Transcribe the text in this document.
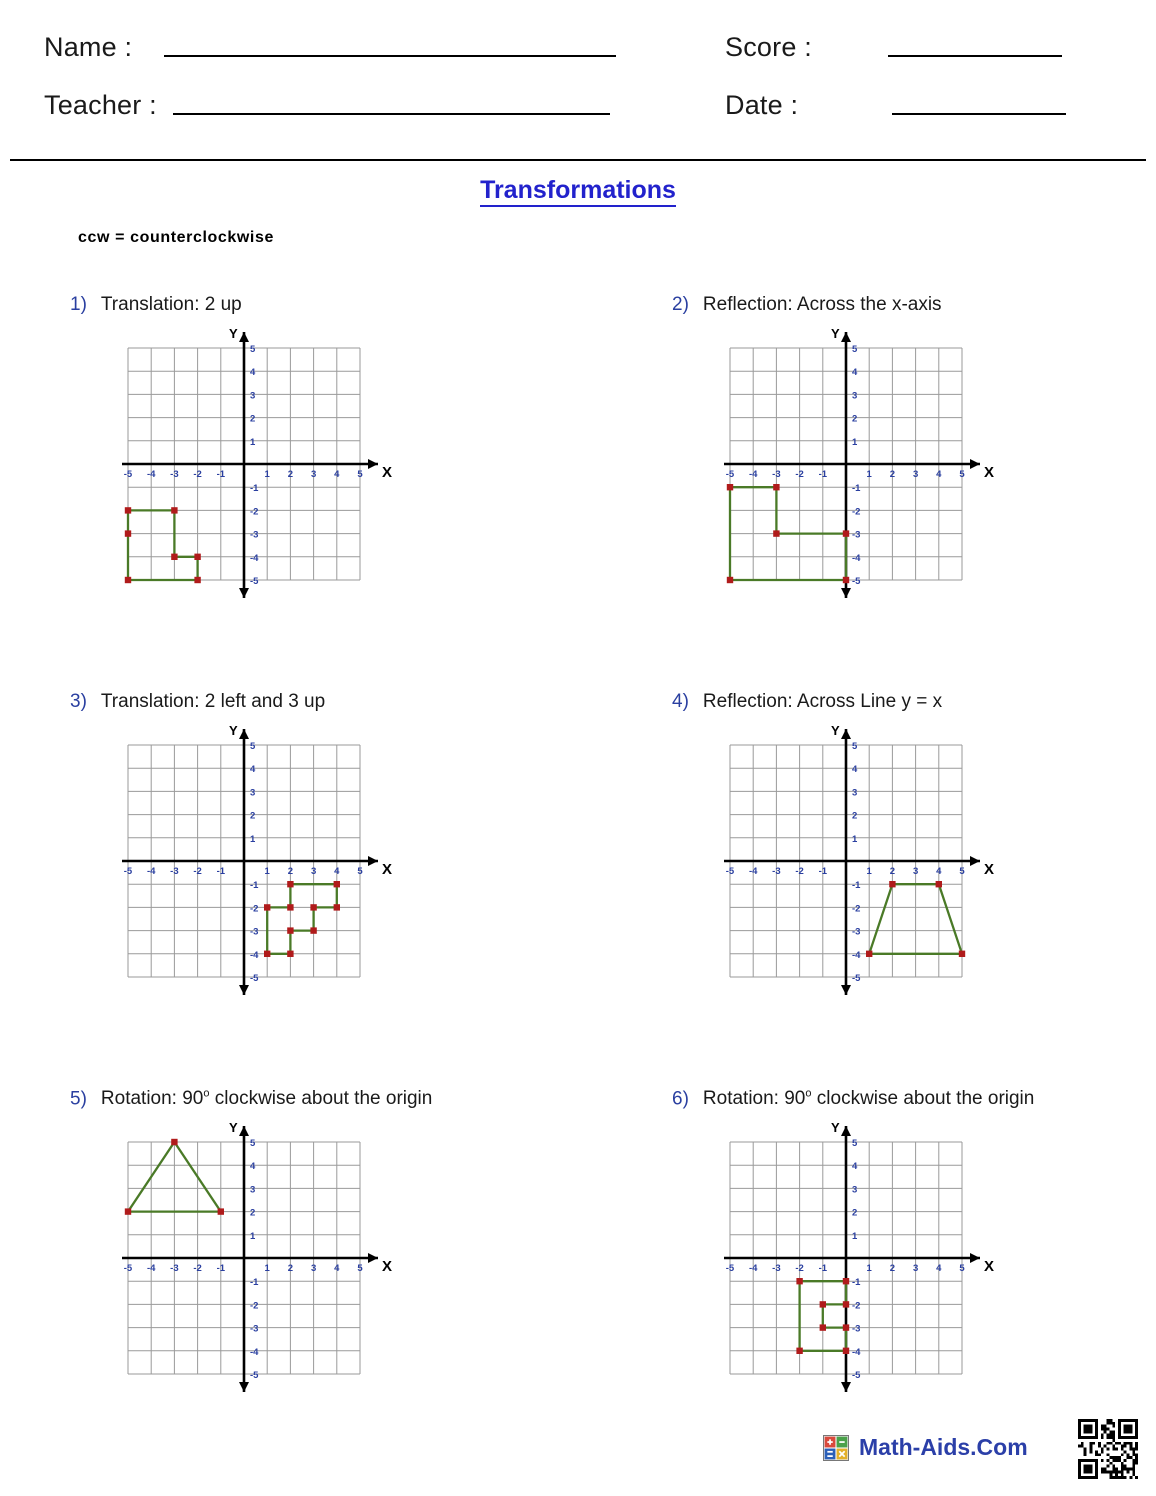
Name :
Teacher :
Score :
Date :
Transformations
ccw = counterclockwise
1) Translation: 2 up
X
Y
-5 -4 -3 -2 -1	1 2 3 4 5
5
4
3
2
1
-1
-2
-3
-4
-5
2) Reflection: Across the x-axis
X
Y
-5 -4 -3 -2 -1	1 2 3 4 5
5
4
3
2
1
-1
-2
-3
-4
-5
3) Translation: 2 left and 3 up
X
Y
-5 -4 -3 -2 -1	1 2 3 4 5
5
4
3
2
1
-1
-2
-3
-4
-5
4) Reflection: Across Line y = x
X
Y
-5 -4 -3 -2 -1	1 2 3 4 5
5
4
3
2
1
-1
-2
-3
-4
-5
5) Rotation: 90$^o$ clockwise about the origin
X
Y
-5 -4 -3 -2 -1	1 2 3 4 5
5
4
3
2
1
-1
-2
-3
-4
-5
6) Rotation: 90$^o$ clockwise about the origin
X
Y
-5 -4 -3 -2 -1	1 2 3 4 5
5
4
3
2
1
-1
-2
-3
-4
-5
Math-Aids.Com
